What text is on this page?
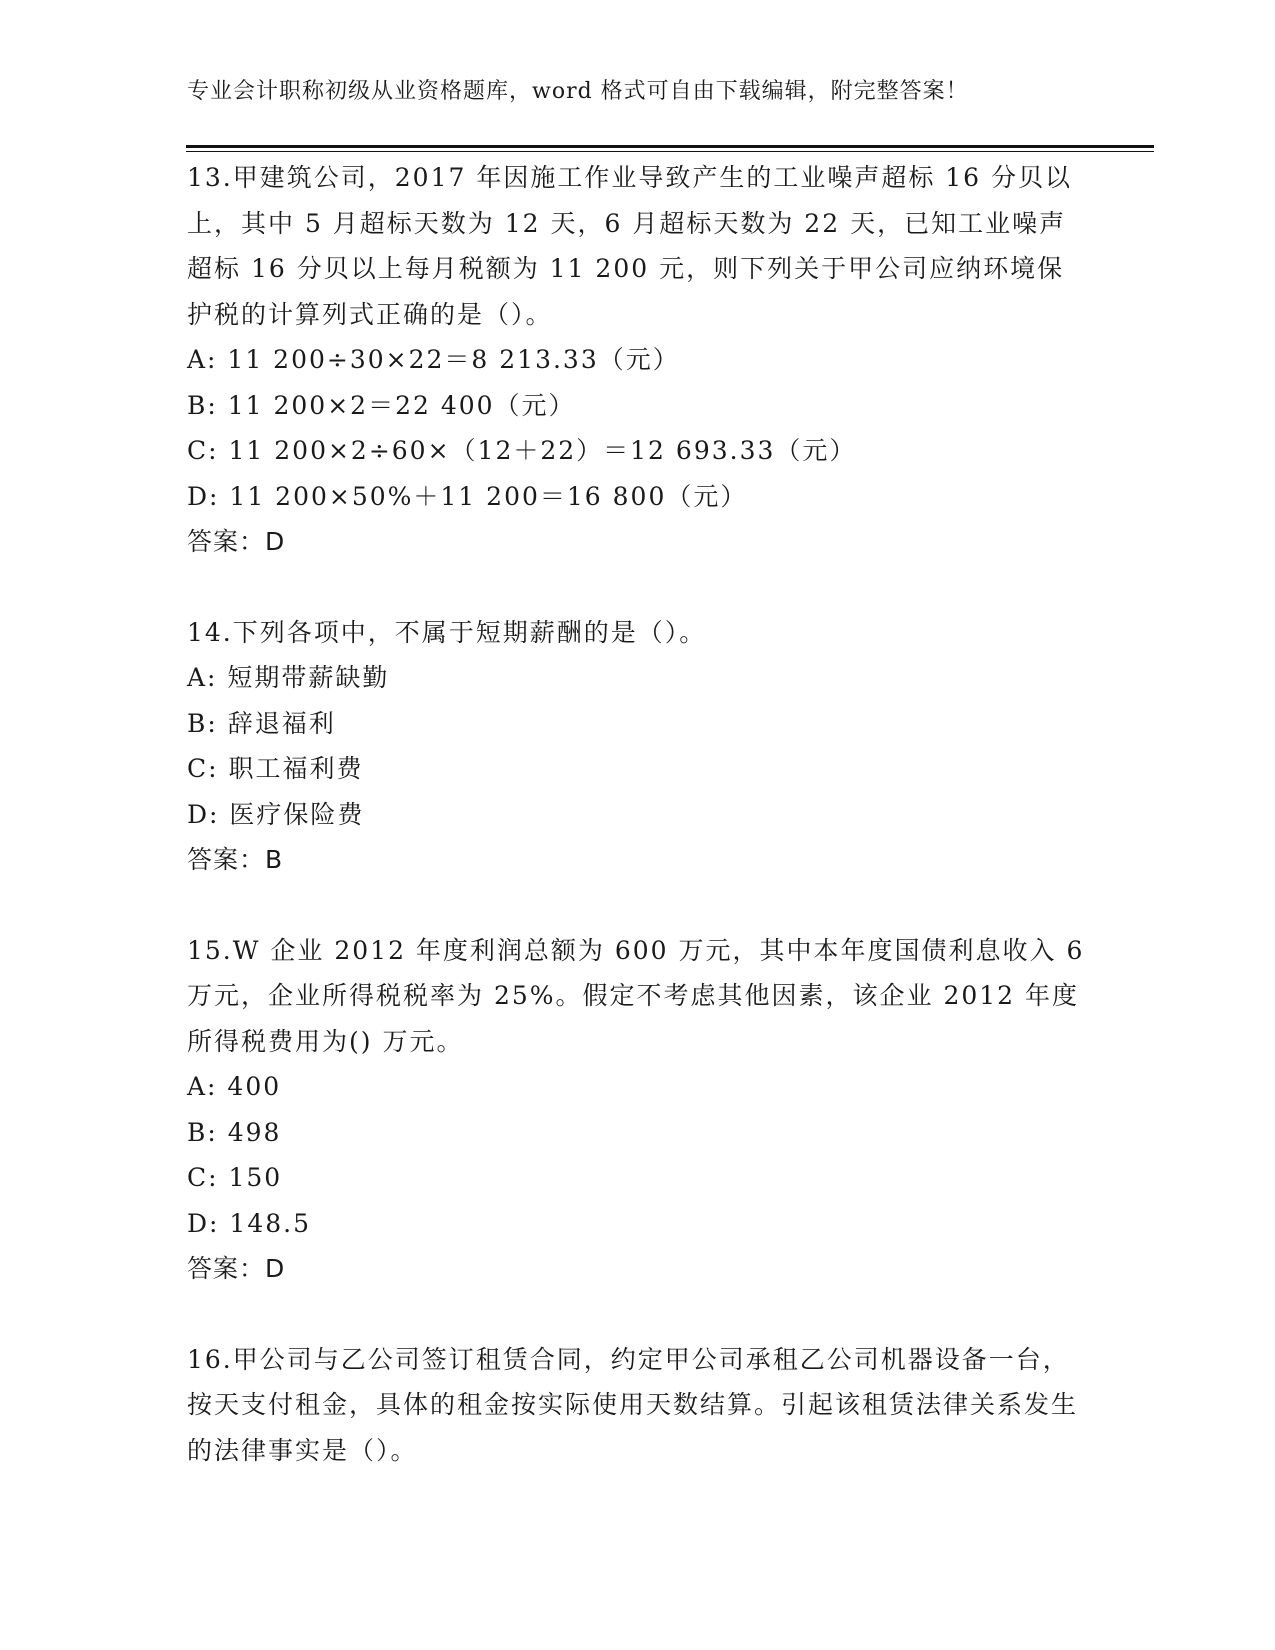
专业会计职称初级从业资格题库，word 格式可自由下载编辑，附完整答案！

13.甲建筑公司，2017 年因施工作业导致产生的工业噪声超标 16 分贝以上，其中 5 月超标天数为 12 天，6 月超标天数为 22 天，已知工业噪声超标 16 分贝以上每月税额为 11 200 元，则下列关于甲公司应纳环境保护税的计算列式正确的是（）。

A: 11 200÷30×22＝8 213.33（元）

B: 11 200×2＝22 400（元）

C: 11 200×2÷60×（12＋22）＝12 693.33（元）

D: 11 200×50%＋11 200＝16 800（元）

答案：D

14.下列各项中，不属于短期薪酬的是（）。

A: 短期带薪缺勤

B: 辞退福利

C: 职工福利费

D: 医疗保险费

答案：B

15.W 企业 2012 年度利润总额为 600 万元，其中本年度国债利息收入 6 万元，企业所得税税率为 25%。假定不考虑其他因素，该企业 2012 年度所得税费用为() 万元。

A: 400

B: 498

C: 150

D: 148.5

答案：D

16.甲公司与乙公司签订租赁合同，约定甲公司承租乙公司机器设备一台，按天支付租金，具体的租金按实际使用天数结算。引起该租赁法律关系发生的法律事实是（）。
